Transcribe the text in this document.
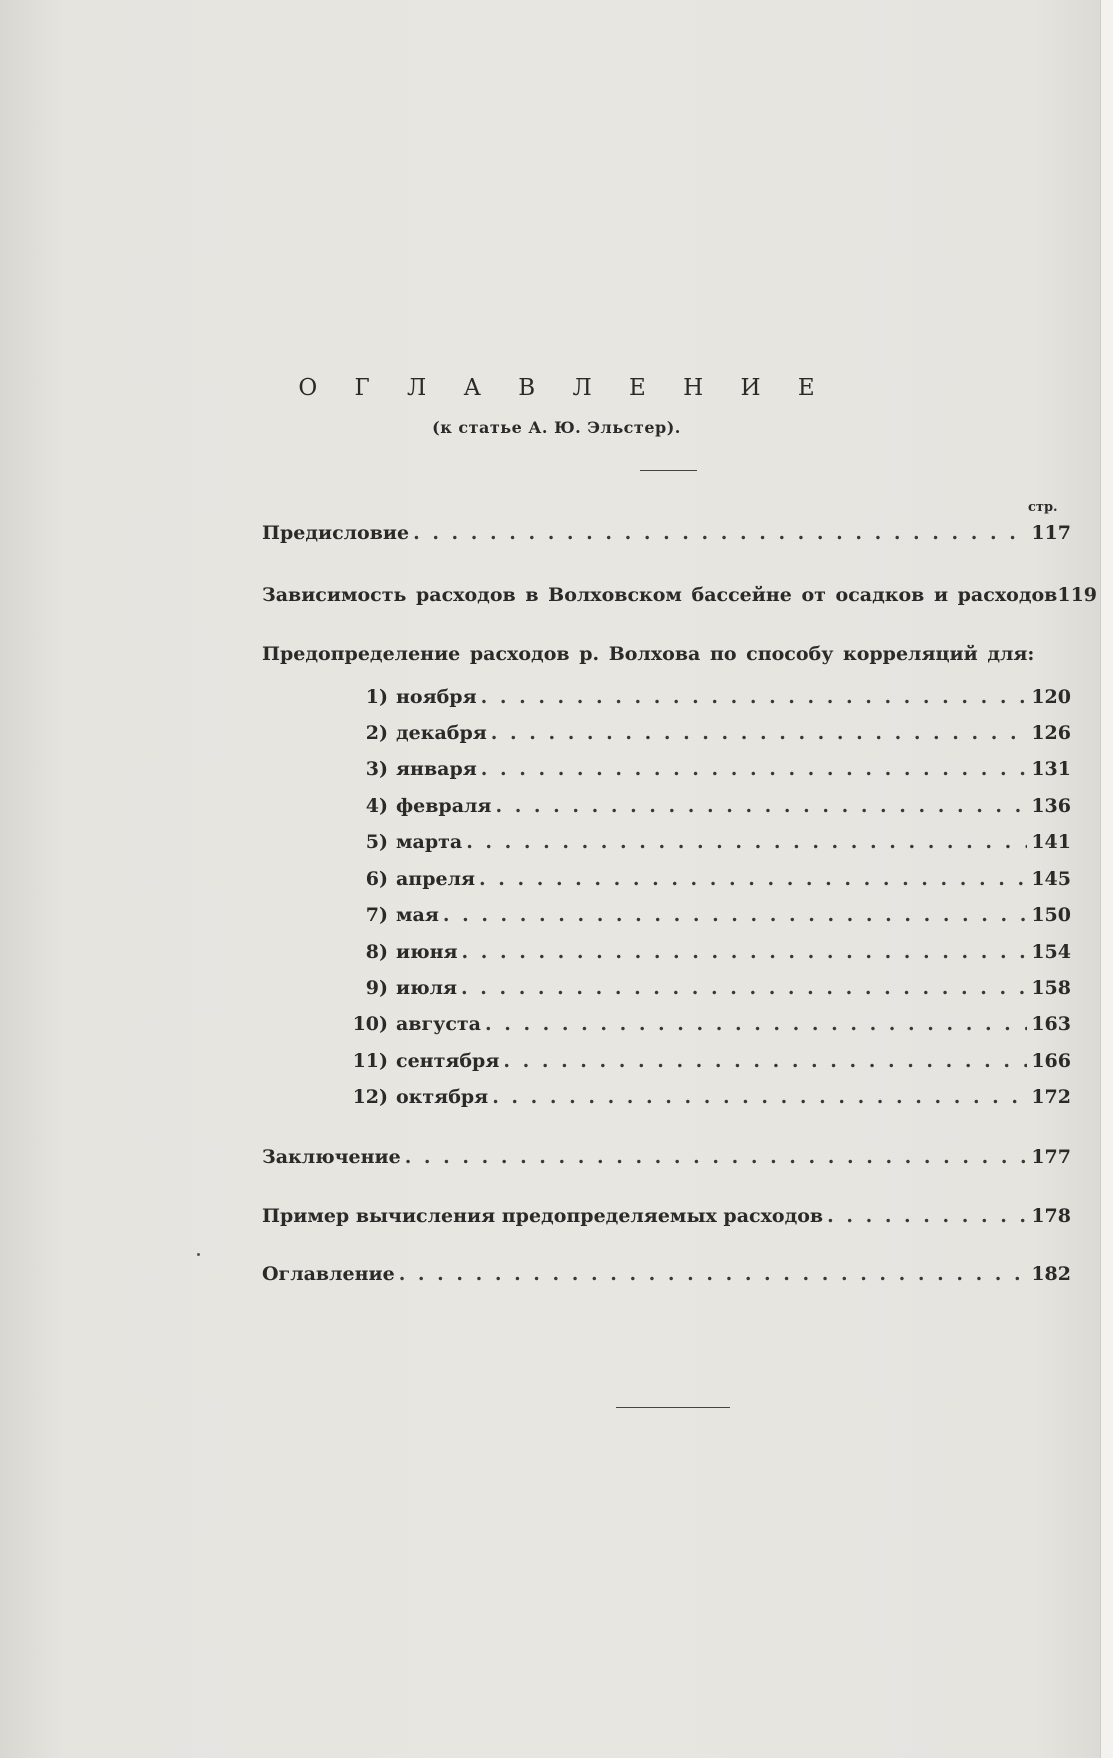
О Г Л А В Л Е Н И Е
(к статье А. Ю. Эльстер).
стр.
Предисловие . . .	117
Зависимость расходов в Волховском бассейне от осадков и расходов 119
Предопределение расходов р. Волхова по способу корреляций для:
1) ноября . . .	120
2) декабря . . .	126
3) января . . .	131
4) февраля . . .	136
5) марта . . .	141
6) апреля . . .	145
7) мая . . .	150
8) июня . . .	154
9) июля . . .	158
10) августа . . .	163
11) сентября . . .	166
12) октября . . .	172
Заключение . . .	177
Пример вычисления предопределяемых расходов . . .	178
Оглавление . . .	182
